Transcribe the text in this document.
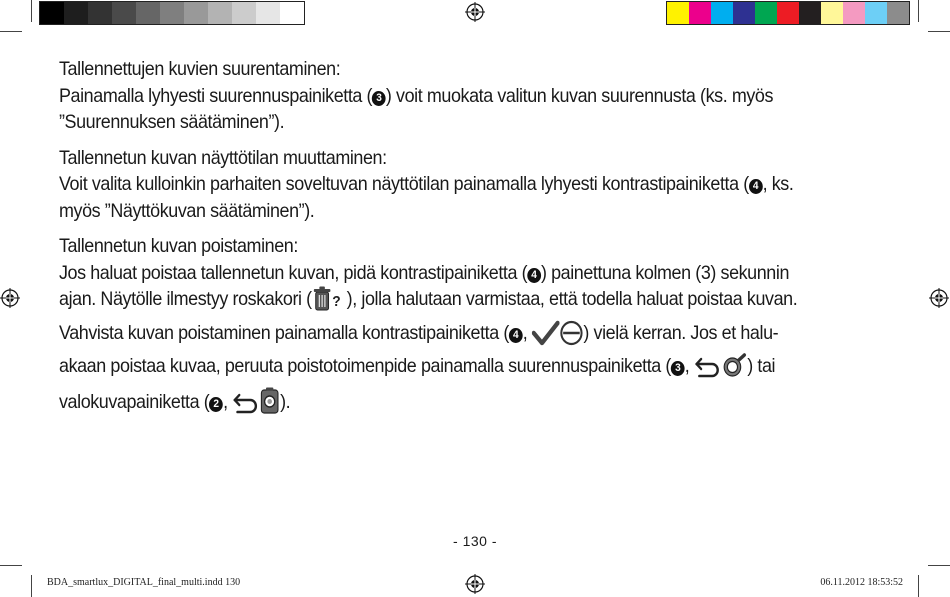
Tallennettujen kuvien suurentaminen:
Painamalla lyhyesti suurennuspainiketta ( 3 ) voit muokata valitun kuvan suurennusta (ks. myös
”Suurennuksen säätäminen”).
Tallennetun kuvan näyttötilan muuttaminen:
Voit valita kulloinkin parhaiten soveltuvan näyttötilan painamalla lyhyesti kontrastipainiketta ( 4 , ks.
myös ”Näyttökuvan säätäminen”).
Tallennetun kuvan poistaminen:
Jos haluat poistaa tallennetun kuvan, pidä kontrastipainiketta ( 4 ) painettuna kolmen (3) sekunnin
ajan. Näytölle ilmestyy roskakori ( ? ), jolla halutaan varmistaa, että todella haluat poistaa kuvan.
Vahvista kuvan poistaminen painamalla kontrastipainiketta ( 4 ,	) vielä kerran. Jos et halu-
akaan poistaa kuvaa, peruuta poistotoimenpide painamalla suurennuspainiketta ( 3 ,	) tai
valokuvapainiketta ( 2 ,	).
- 130 -
BDA_smartlux_DIGITAL_final_multi.indd 130	06.11.2012 18:53:52
